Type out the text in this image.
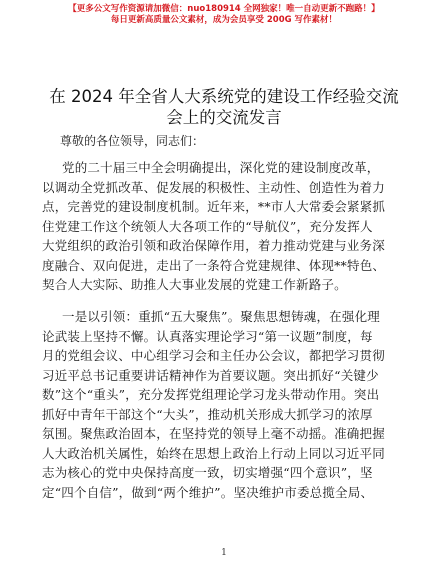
【更多公文写作资源请加微信：nuo180914 全网独家！唯一自动更新不跑路！】
每日更新高质量公文素材，成为会员享受 200G 写作素材！
在 2024 年全省人大系统党的建设工作经验交流
会上的交流发言
尊敬的各位领导，同志们：
党的二十届三中全会明确提出，深化党的建设制度改革，
以调动全党抓改革、促发展的积极性、主动性、创造性为着力
点，完善党的建设制度机制。近年来，**市人大常委会紧紧抓
住党建工作这个统领人大各项工作的“导航仪”，充分发挥人
大党组织的政治引领和政治保障作用，着力推动党建与业务深
度融合、双向促进，走出了一条符合党建规律、体现**特色、
契合人大实际、助推人大事业发展的党建工作新路子。
一是以引领：重抓“五大聚焦”。聚焦思想铸魂，在强化理
论武装上坚持不懈。认真落实理论学习“第一议题”制度，每
月的党组会议、中心组学习会和主任办公会议，都把学习贯彻
习近平总书记重要讲话精神作为首要议题。突出抓好“关键少
数”这个“重头”，充分发挥党组理论学习龙头带动作用。突出
抓好中青年干部这个“大头”，推动机关形成大抓学习的浓厚
氛围。聚焦政治固本，在坚持党的领导上毫不动摇。准确把握
人大政治机关属性，始终在思想上政治上行动上同以习近平同
志为核心的党中央保持高度一致，切实增强“四个意识”，坚
定“四个自信”，做到“两个维护”。坚决维护市委总揽全局、
1
